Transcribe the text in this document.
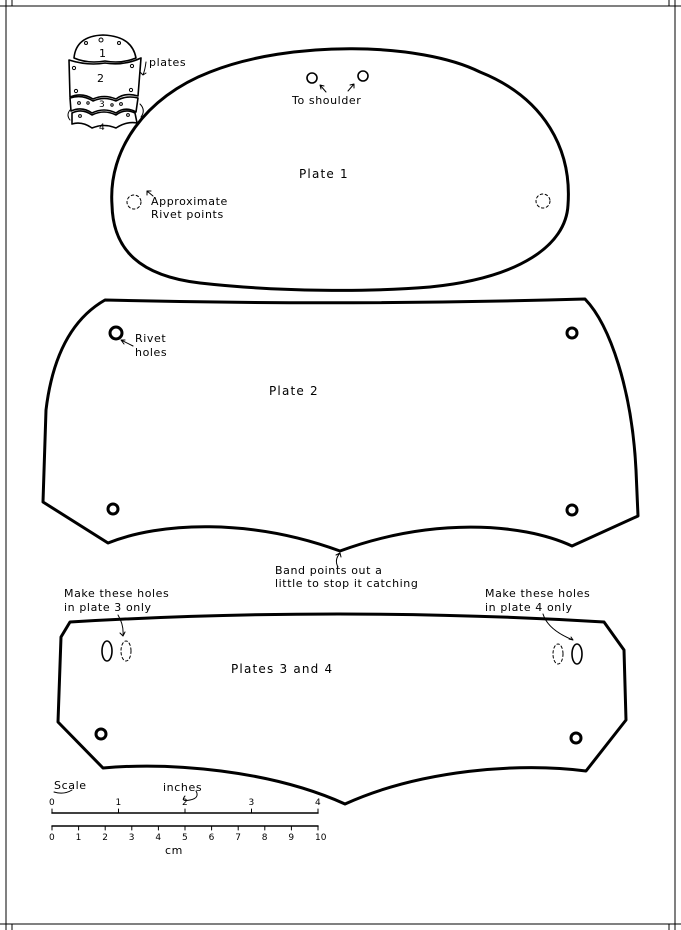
1
2
3
4
plates
To shoulder
Plate 1
Approximate
Rivet points
Rivet
holes
Plate 2
Band points out a
little to stop it catching
Make these holes
in plate 3 only
Make these holes
in plate 4 only
Plates 3 and 4
Scale	inches
0	1	2	3	4
0 1 2 3 4 5 6 7 8 9 10
cm
